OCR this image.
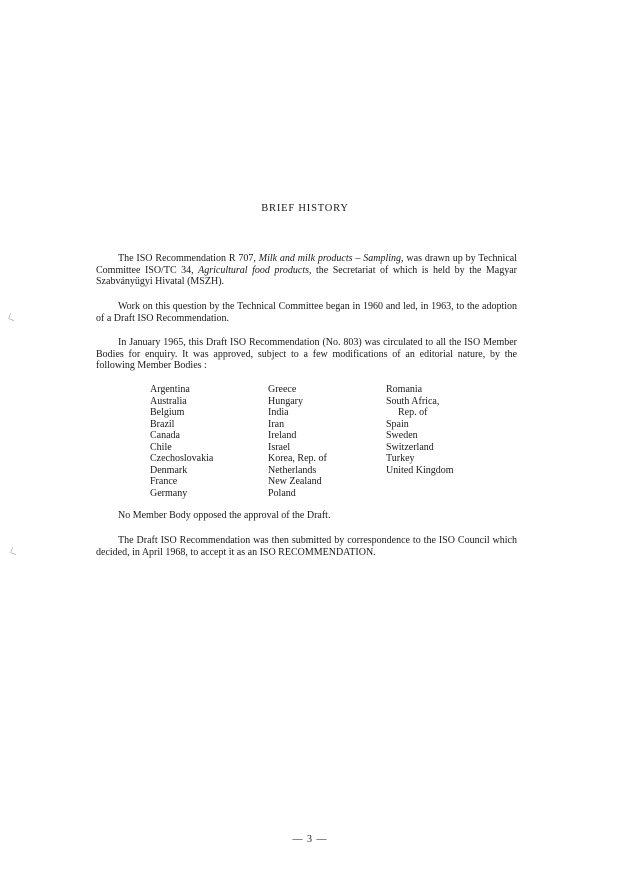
BRIEF HISTORY
The ISO Recommendation R 707, Milk and milk products – Sampling, was drawn up by Technical Committee ISO/TC 34, Agricultural food products, the Secretariat of which is held by the Magyar Szabványügyi Hivatal (MSZH).
Work on this question by the Technical Committee began in 1960 and led, in 1963, to the adoption of a Draft ISO Recommendation.
In January 1965, this Draft ISO Recommendation (No. 803) was circulated to all the ISO Member Bodies for enquiry. It was approved, subject to a few modifications of an editorial nature, by the following Member Bodies :
Argentina
Australia
Belgium
Brazil
Canada
Chile
Czechoslovakia
Denmark
France
Germany
Greece
Hungary
India
Iran
Ireland
Israel
Korea, Rep. of
Netherlands
New Zealand
Poland
Romania
South Africa,
Rep. of
Spain
Sweden
Switzerland
Turkey
United Kingdom
No Member Body opposed the approval of the Draft.
The Draft ISO Recommendation was then submitted by correspondence to the ISO Council which decided, in April 1968, to accept it as an ISO RECOMMENDATION.
∟
∟
— 3 —
